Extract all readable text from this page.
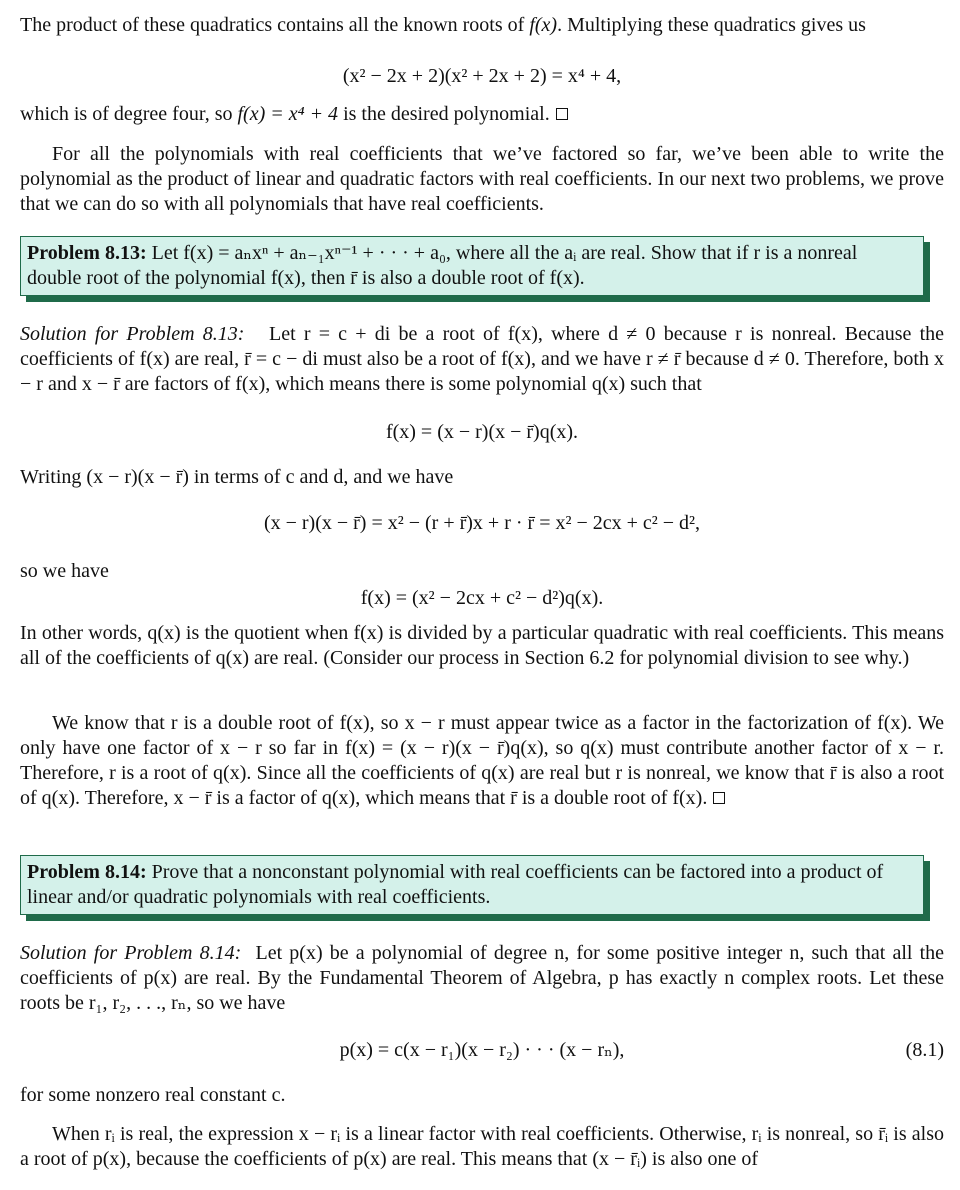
The product of these quadratics contains all the known roots of f(x). Multiplying these quadratics gives us

(x² − 2x + 2)(x² + 2x + 2) = x⁴ + 4,

which is of degree four, so f(x) = x⁴ + 4 is the desired polynomial.

For all the polynomials with real coefficients that we’ve factored so far, we’ve been able to write the polynomial as the product of linear and quadratic factors with real coefficients. In our next two problems, we prove that we can do so with all polynomials that have real coefficients.

Problem 8.13: Let f(x) = aₙxⁿ + aₙ₋₁xⁿ⁻¹ + · · · + a₀, where all the aᵢ are real. Show that if r is a nonreal double root of the polynomial f(x), then r̄ is also a double root of f(x).

Solution for Problem 8.13: Let r = c + di be a root of f(x), where d ≠ 0 because r is nonreal. Because the coefficients of f(x) are real, r̄ = c − di must also be a root of f(x), and we have r ≠ r̄ because d ≠ 0. Therefore, both x − r and x − r̄ are factors of f(x), which means there is some polynomial q(x) such that

f(x) = (x − r)(x − r̄)q(x).

Writing (x − r)(x − r̄) in terms of c and d, and we have

(x − r)(x − r̄) = x² − (r + r̄)x + r · r̄ = x² − 2cx + c² − d²,

so we have

f(x) = (x² − 2cx + c² − d²)q(x).

In other words, q(x) is the quotient when f(x) is divided by a particular quadratic with real coefficients. This means all of the coefficients of q(x) are real. (Consider our process in Section 6.2 for polynomial division to see why.)

We know that r is a double root of f(x), so x − r must appear twice as a factor in the factorization of f(x). We only have one factor of x − r so far in f(x) = (x − r)(x − r̄)q(x), so q(x) must contribute another factor of x − r. Therefore, r is a root of q(x). Since all the coefficients of q(x) are real but r is nonreal, we know that r̄ is also a root of q(x). Therefore, x − r̄ is a factor of q(x), which means that r̄ is a double root of f(x).

Problem 8.14: Prove that a nonconstant polynomial with real coefficients can be factored into a product of linear and/or quadratic polynomials with real coefficients.

Solution for Problem 8.14: Let p(x) be a polynomial of degree n, for some positive integer n, such that all the coefficients of p(x) are real. By the Fundamental Theorem of Algebra, p has exactly n complex roots. Let these roots be r₁, r₂, . . ., rₙ, so we have

p(x) = c(x − r₁)(x − r₂) · · · (x − rₙ),	(8.1)

for some nonzero real constant c.

When rᵢ is real, the expression x − rᵢ is a linear factor with real coefficients. Otherwise, rᵢ is nonreal, so r̄ᵢ is also a root of p(x), because the coefficients of p(x) are real. This means that (x − r̄ᵢ) is also one of
